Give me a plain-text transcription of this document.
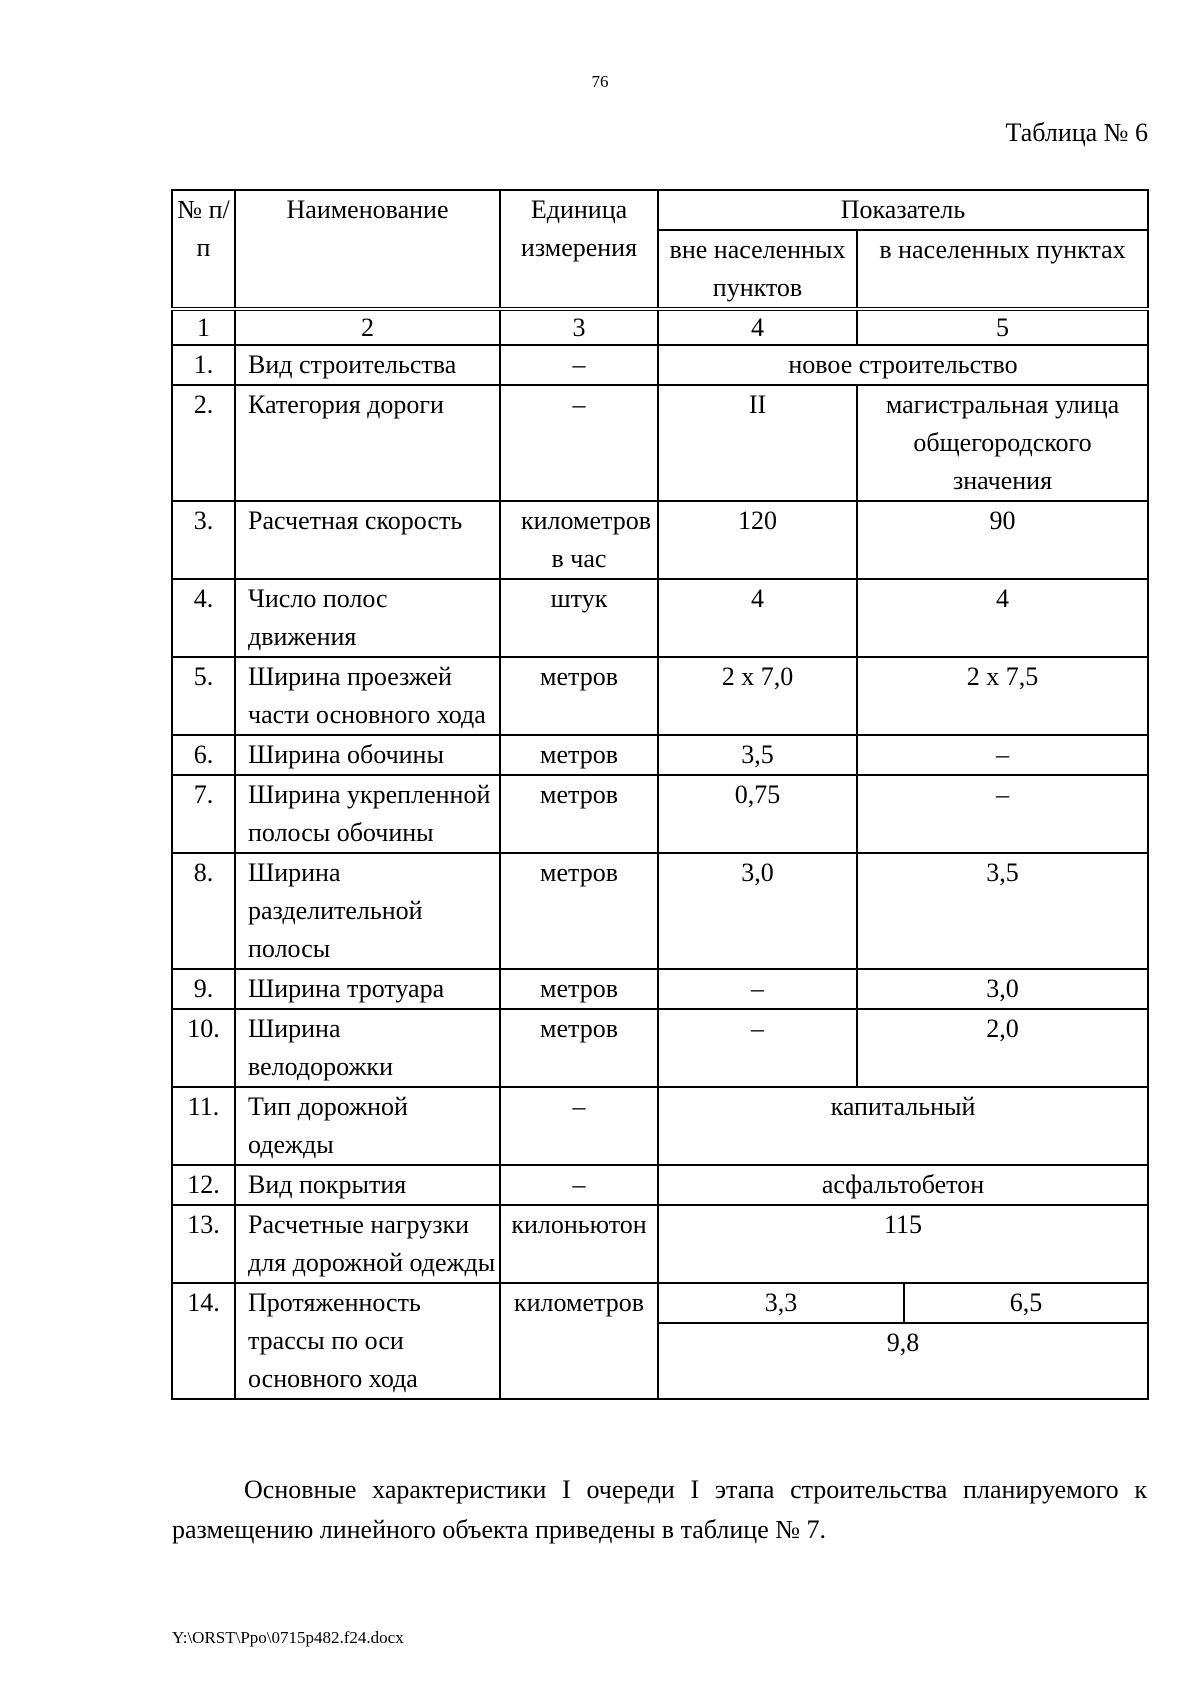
76
Таблица № 6
№ п/п	Наименование	Единица измерения	Показатель	
			вне населенных пунктов	в населенных пунктах
1	2	3	4	5
1.	Вид строительства	–	новое строительство	
2.	Категория дороги	–	II	магистральная улица общегородского значения
3.	Расчетная скорость	километров в час	120	90
4.	Число полос движения	штук	4	4
5.	Ширина проезжей части основного хода	метров	2 х 7,0	2 х 7,5
6.	Ширина обочины	метров	3,5	–
7.	Ширина укрепленной полосы обочины	метров	0,75	–
8.	Ширина разделительной полосы	метров	3,0	3,5
9.	Ширина тротуара	метров	–	3,0
10.	Ширина велодорожки	метров	–	2,0
11.	Тип дорожной одежды	–	капитальный	
12.	Вид покрытия	–	асфальтобетон	
13.	Расчетные нагрузки для дорожной одежды	килоньютон	115	
14.	Протяженность трассы по оси основного хода	километров	3,3 6,5
9,8	
Основные характеристики I очереди I этапа строительства планируемого к размещению линейного объекта приведены в таблице № 7.
Y:\ORST\Ppo\0715p482.f24.docx
